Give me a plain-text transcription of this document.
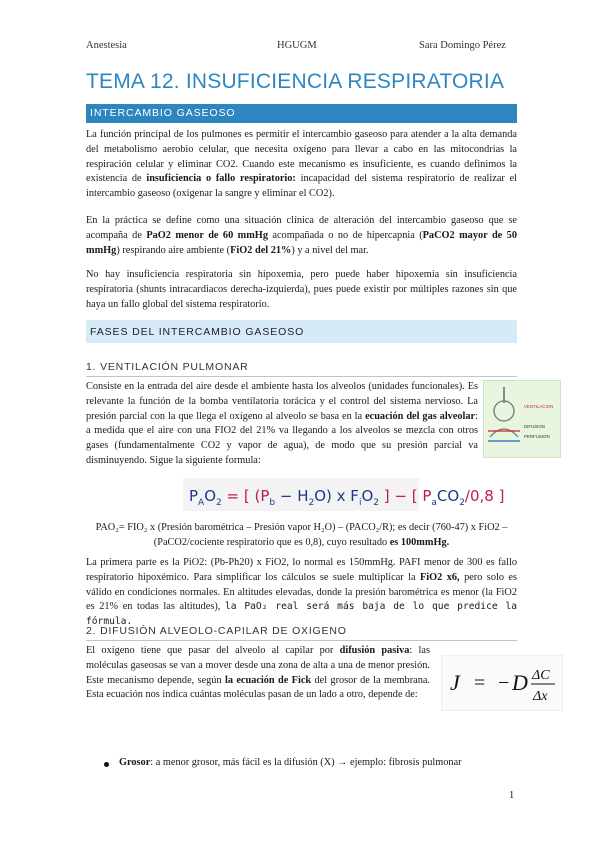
Anestesia	HGUGM	Sara Domingo Pérez
TEMA 12. INSUFICIENCIA RESPIRATORIA
INTERCAMBIO GASEOSO
La función principal de los pulmones es permitir el intercambio gaseoso para atender a la alta demanda del metabolismo aerobio celular, que necesita oxígeno para llevar a cabo en las mitocondrias la respiración celular y eliminar CO2. Cuando este mecanismo es insuficiente, es cuando definimos la existencia de insuficiencia o fallo respiratorio: incapacidad del sistema respiratorio de realizar el intercambio gaseoso (oxigenar la sangre y eliminar el CO2).
En la práctica se define como una situación clínica de alteración del intercambio gaseoso que se acompaña de PaO2 menor de 60 mmHg acompañada o no de hipercapnia (PaCO2 mayor de 50 mmHg) respirando aire ambiente (FiO2 del 21%) y a nivel del mar.
No hay insuficiencia respiratoria sin hipoxemia, pero puede haber hipoxemia sin insuficiencia respiratoria (shunts intracardiacos derecha-izquierda), pues puede existir por múltiples razones sin que haya un fallo global del sistema respiratorio.
FASES DEL INTERCAMBIO GASEOSO
1. VENTILACIÓN PULMONAR
Consiste en la entrada del aire desde el ambiente hasta los alveolos (unidades funcionales). Es relevante la función de la bomba ventilatoria torácica y el control del sistema nervioso. La presión parcial con la que llega el oxígeno al alveolo se basa en la ecuación del gas alveolar: a medida que el aire con una FIO2 del 21% va llegando a los alveolos se mezcla con otros gases (fundamentalmente CO2 y vapor de agua), de modo que su presión parcial va disminuyendo. Sigue la siguiente formula:
VENTILACION
DIFUSION
PERFUSION
$P_AO_2$ = [ $(P_b - H_2O)$ x $F_iO_2$ ] − [ $P_aCO_2/0,8$ ]
PAO₂= FIO₂ x (Presión barométrica – Presión vapor H₂O) – (PACO₂/R); es decir (760-47) x FiO2 – (PaCO2/cociente respiratorio que es 0,8), cuyo resultado es 100mmHg.
La primera parte es la PiO2: (Pb-Ph20) x FiO2, lo normal es 150mmHg. PAFI menor de 300 es fallo respiratorio hipoxémico. Para simplificar los cálculos se suele multiplicar la FiO2 x6, pero solo es válido en condiciones normales. En altitudes elevadas, donde la presión barométrica es menor (la FiO2 es 21% en todas las altitudes), la PaO₂ real será más baja de lo que predice la fórmula.
2. DIFUSIÓN ALVEOLO-CAPILAR DE OXIGENO
El oxígeno tiene que pasar del alveolo al capilar por difusión pasiva: las moléculas gaseosas se van a mover desde una zona de alta a una de menor presión. Este mecanismo depende, según la ecuación de Fick del grosor de la membrana. Esta ecuación nos indica cuántas moléculas pasan de un lado a otro, depende de:	J = − D ΔC
Δx
Grosor: a menor grosor, más fácil es la difusión (X) → ejemplo: fibrosis pulmonar
1
